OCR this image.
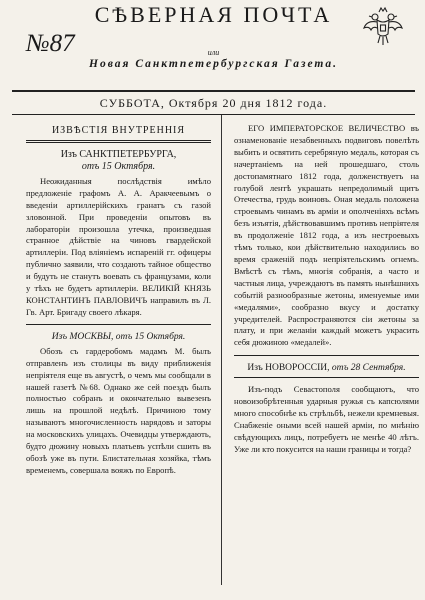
СѢВЕРНАЯ ПОЧТА
№87	или
Новая Санктпетербургская Газета.
СУББОТА, Октября 20 дня 1812 года.
ИЗВѢСТІЯ ВНУТРЕННІЯ
Изъ САНКТПЕТЕРБУРГА,
отъ 15 Октября.

Неожиданныя послѣдствія имѣло предложеніе графомъ А. А. Аракчеевымъ о введеніи артиллерійскихъ гранатъ съ газой зловонной. При проведеніи опытовъ въ лабораторіи произошла утечка, произведшая странное дѣйствіе на чиновъ гвардейской артиллеріи. Под вліяніемъ испареній гг. офицеры публично заявили, что создають тайное общество и будуть не станутъ воевать съ французами, коли у тѣхъ не будетъ артиллеріи. ВЕЛИКІЙ КНЯЗЬ КОНСТАНТИНЪ ПАВЛОВИЧЪ направилъ въ Л. Гв. Арт. Бригаду своего лѣкаря.

Изъ МОСКВЫ, отъ 15 Октября.

Обозъ съ гардеробомъ мадамъ М. былъ отправленъ изъ столицы въ виду приближенія непріятеля еще въ августѣ, о чемъ мы сообщали в нашей газетѣ №68. Однако же сей поездъ былъ полностью собранъ и окончательно вывезенъ лишь на прошлой недѣлѣ. Причиною тому называютъ многочисленность нарядовъ и заторы на московскихъ улицахъ. Очевидцы утверждають, будто дюжину новыхъ платьевъ успѣли сшить въ обозѣ уже въ пути. Блистательная хозяйка, тѣмъ временемъ, совершала вояжъ по Европѣ.

ЕГО ИМПЕРАТОРСКОЕ ВЕЛИЧЕСТВО въ ознаменованіе незабвенныхъ подвиговъ повелѣть выбить и освятить серебряную медаль, которая съ начертаніемъ на ней прошедшаго, столь достопамятнаго 1812 года, долженствуетъ на голубой лентѣ украшать непредолимый щитъ Отечества, грудь воиновъ. Оная медаль положена строевымъ чинамъ въ арміи и ополченіяхъ всѣмъ безъ изъятія, дѣйствовавшимъ противъ непріятеля въ продолженіе 1812 года, а изъ нестроевыхъ тѣмъ только, кои дѣйствительно находились во время сраженій подъ непріятельскимъ огнемъ. Вмѣстѣ съ тѣмъ, многія собранія, а часто и частныя лица, учреждаютъ въ память нынѣшнихъ событій разнообразные жетоны, именуемые ими «медалями», сообразно вкусу и достатку учредителей. Распространяются сіи жетоны за плату, и при желаніи каждый можетъ украсить себя дюжиною «медалей».

Изъ НОВОРОССІИ, отъ 28 Сентября.

Изъ-подъ Севастополя сообщаютъ, что новоизобрѣтенныя ударныя ружья съ капсюлями много способнѣе къ стрѣльбѣ, нежели кремневыя. Снабженіе оными всей нашей арміи, по мнѣнію свѣдующихъ лицъ, потребуетъ не менѣе 40 лѣтъ. Уже ли кто покусится на наши границы и тогда?
